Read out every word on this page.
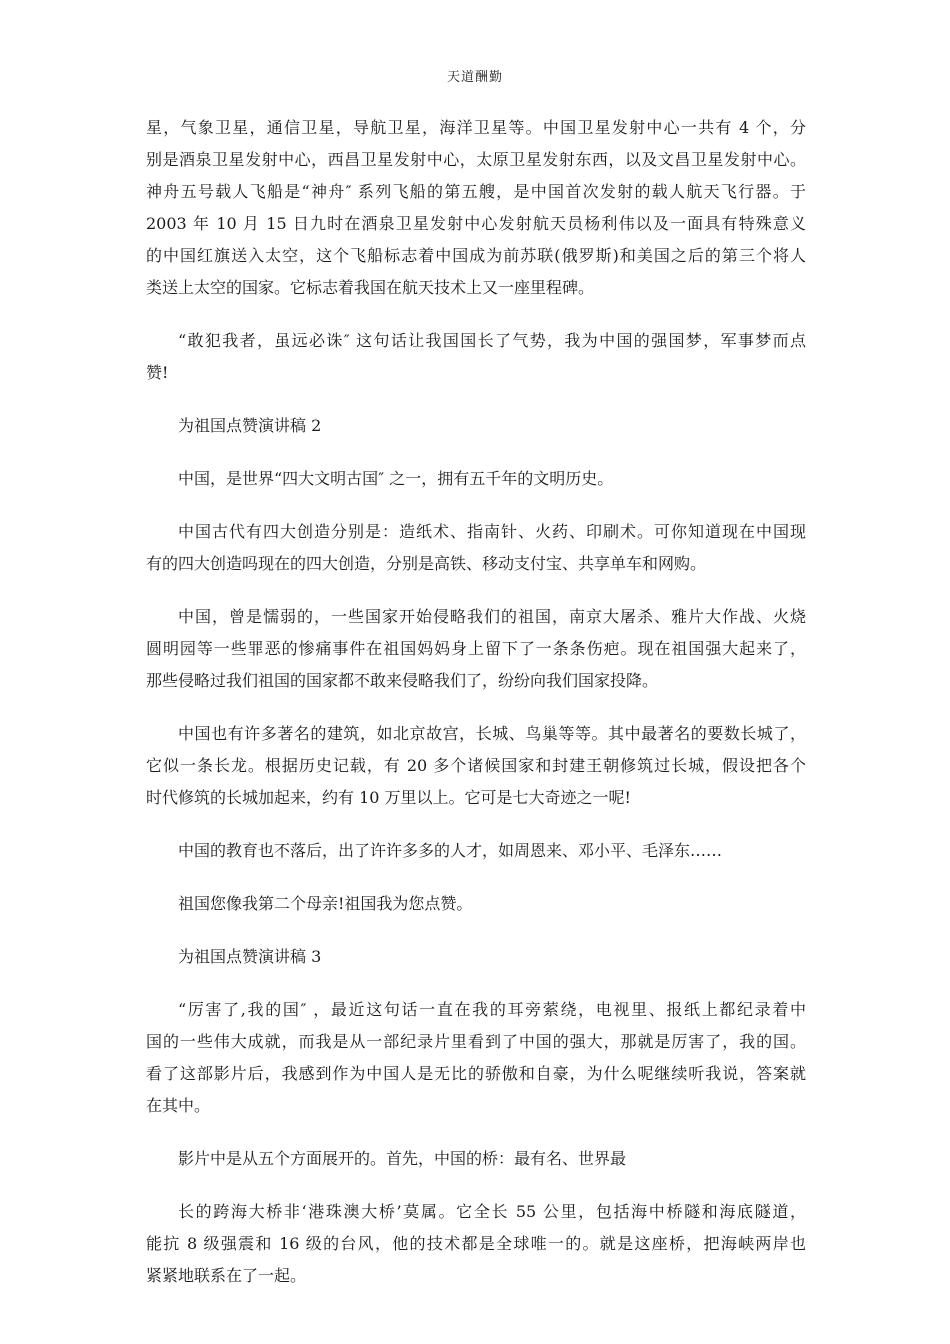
天道酬勤
星，气象卫星，通信卫星，导航卫星，海洋卫星等。中国卫星发射中心一共有 4 个，分
别是酒泉卫星发射中心，西昌卫星发射中心，太原卫星发射东西，以及文昌卫星发射中心。
神舟五号载人飞船是“神舟″ 系列飞船的第五艘，是中国首次发射的载人航天飞行器。于
2003 年 10 月 15 日九时在酒泉卫星发射中心发射航天员杨利伟以及一面具有特殊意义
的中国红旗送入太空，这个飞船标志着中国成为前苏联(俄罗斯)和美国之后的第三个将人
类送上太空的国家。它标志着我国在航天技术上又一座里程碑。
“敢犯我者，虽远必诛″ 这句话让我国国长了气势，我为中国的强国梦，军事梦而点
赞!
为祖国点赞演讲稿 2
中国，是世界“四大文明古国″ 之一，拥有五千年的文明历史。
中国古代有四大创造分别是：造纸术、指南针、火药、印刷术。可你知道现在中国现
有的四大创造吗现在的四大创造，分别是高铁、移动支付宝、共享单车和网购。
中国，曾是懦弱的，一些国家开始侵略我们的祖国，南京大屠杀、雅片大作战、火烧
圆明园等一些罪恶的惨痛事件在祖国妈妈身上留下了一条条伤疤。现在祖国强大起来了，
那些侵略过我们祖国的国家都不敢来侵略我们了，纷纷向我们国家投降。
中国也有许多著名的建筑，如北京故宫，长城、鸟巢等等。其中最著名的要数长城了，
它似一条长龙。根据历史记载，有 20 多个诸候国家和封建王朝修筑过长城，假设把各个
时代修筑的长城加起来，约有 10 万里以上。它可是七大奇迹之一呢!
中国的教育也不落后，出了许许多多的人才，如周恩来、邓小平、毛泽东……
祖国您像我第二个母亲!祖国我为您点赞。
为祖国点赞演讲稿 3
“厉害了,我的国″ ，最近这句话一直在我的耳旁萦绕，电视里、报纸上都纪录着中
国的一些伟大成就，而我是从一部纪录片里看到了中国的强大，那就是厉害了，我的国。
看了这部影片后，我感到作为中国人是无比的骄傲和自豪，为什么呢继续听我说，答案就
在其中。
影片中是从五个方面展开的。首先，中国的桥：最有名、世界最
长的跨海大桥非‘港珠澳大桥’莫属。它全长 55 公里，包括海中桥隧和海底隧道，
能抗 8 级强震和 16 级的台风，他的技术都是全球唯一的。就是这座桥，把海峡两岸也
紧紧地联系在了一起。
